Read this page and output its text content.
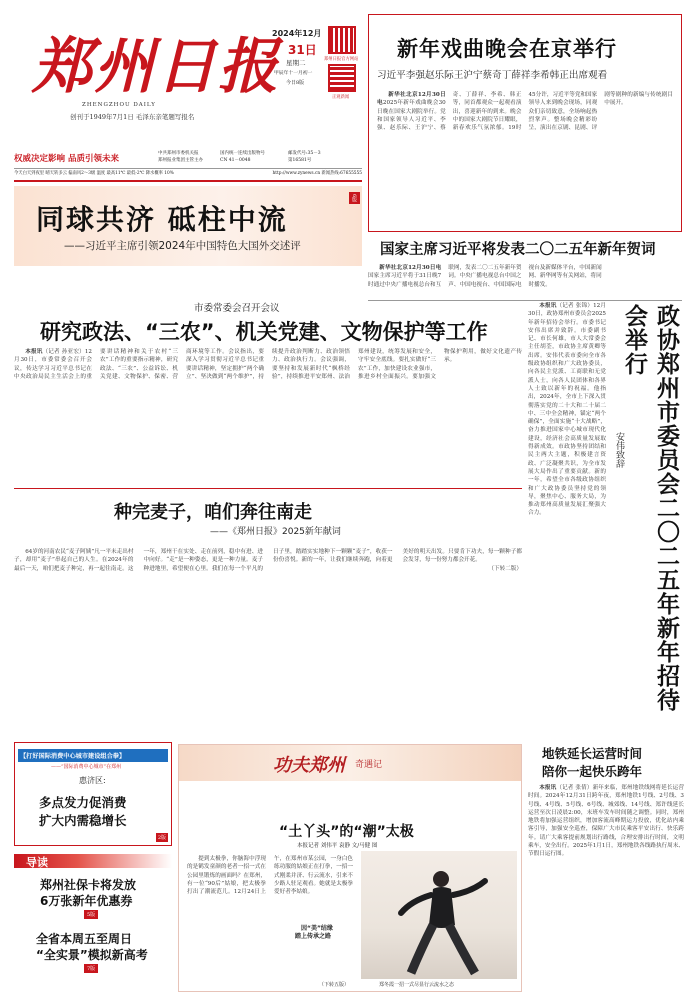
郑州日报
ZHENGZHOU DAILY
创刊于1949年7月1日 毛泽东亲笔题写报名
2024年12月
31日
星期二
甲辰年十一月初一
今日8版
郑州日报官方网站
正观新闻
权威决定影响 品质引领未来
中共郑州市委机关报
郑州报业集团主管主办
国内统一连续出版物号
CN 41－0048
邮发代号:35－3
第16581号
今天白天到夜里 晴天转多云 偏南风2～3级 温度 最高11℃ 最低-2℃ 降水概率 10%	http://www.zynews.cn 新闻热线:67655555
新年戏曲晚会在京举行
习近平李强赵乐际王沪宁蔡奇丁薛祥李希韩正出席观看

新华社北京12月30日电2025年新年戏曲晚会30日晚在国家大剧院举行。党和国家领导人习近平、李强、赵乐际、王沪宁、蔡奇、丁薛祥、李希、韩正等，同首都观众一起观看演出，喜迎新年的到来。晚会中的国家大剧院节日耀眼，新春欢乐气氛浓郁。19时45分许，习近平等党和国家领导人来到晚会现场，同观众们亲切致意，全场响起热烈掌声。整场晚会精彩纷呈，演出在京剧、昆剧、评剧等剧种的新编与传统剧目中展开。

同球共济 砥柱中流
——习近平主席引领2024年中国特色大国外交述评
6版
国家主席习近平将发表二〇二五年新年贺词

新华社北京12月30日电国家主席习近平将于31日晚7时通过中央广播电视总台和互联网，发表二〇二五年新年贺词。中央广播电视总台中国之声、中国电视台、中国国际电视台及新媒体平台，中国新闻网、新华网等有关网站，将同时播发。

市委常委会召开会议
研究政法、“三农”、机关党建、文物保护等工作

本报讯（记者 孙亚宏）12月30日，市委常委会召开会议，传达学习习近平总书记在中央政治局民主生活会上的重要讲话精神和关于农村“三农”工作的重要指示精神，研究政法、“三农”、公益诉讼、机关党建、文物保护、保密、营商环境等工作。会议指出，要深入学习贯彻习近平总书记重要讲话精神，坚定拥护“两个确立”、坚决做到“两个维护”，持续提升政治判断力、政治领悟力、政治执行力。会议强调，要坚持和发展新时代“枫桥经验”，持续推进平安郑州、法治郑州建设，统筹发展和安全，守牢安全底线。要扎实做好“三农”工作，加快建设农业强市，推进乡村全面振兴。要加强文物保护利用，做好文化遗产传承。	政协郑州市委员会二〇二五年新年招待会举行
安伟致辞

本报讯（记者 张锦）12月30日，政协郑州市委员会2025年新年招待会举行。市委书记安伟出席并致辞。市委副书记、市长何雄，市人大常委会主任胡荃，市政协主席黄卿等出席。安伟代表市委向全市各级政协组织和广大政协委员，向各民主党派、工商联和无党派人士，向各人民团体和各界人士致以新年的祝福。他指出，2024年，全市上下深入贯彻落实党的二十大和二十届二中、三中全会精神，锚定“两个确保”，全面实施“十大战略”，奋力推进国家中心城市现代化建设，经济社会高质量发展取得新成效。市政协坚持团结和民主两大主题，积极建言资政、广泛凝聚共识，为全市发展大局作出了重要贡献。新的一年，希望全市各级政协组织和广大政协委员坚持党的领导，聚焦中心、服务大局，为推动郑州高质量发展汇聚强大合力。

种完麦子，咱们奔往南走
——《郑州日报》2025新年献词

64岁的河南农民“麦子阿姨”凡一平未走出村子，却用“麦子”串起自己的人生。在2024年的最后一天，咱们把麦子种完，再一起往南走。这一年，郑州干在实处、走在前列，稳中有进、进中向好。“走”是一种姿态，更是一种力量。麦子种进地里，希望便在心里。我们在每一个平凡的日子里，踏踏实实地种下一颗颗“麦子”，收获一份份喜悦。新的一年，让我们继续奔跑，向着更美好的明天出发。只要肯下功夫，每一颗种子都会发芽，每一份努力都会开花。

（下转二版）

【打好国际消费中心城市建设组合拳】
——“国际消费中心城市”在郑州
惠济区:
多点发力促消费
扩大内需稳增长
2版
导读
郑州社保卡将发放
6万张新年优惠券
5版
全省本周五至周日
“全实景”模拟新高考
7版
功夫郑州 奇遇记
“土丫头”的“潮”太极
本报记者 刘伟平 袁静 文/马健 图

提到太极拳，你脑海中浮现的是鹤发童颜的老者一招一式在公园里锻炼的画面吗？在郑州，有一位“90后”姑娘，把太极拳打出了潮流范儿。12月24日上午，在郑州市某公园，一身白色练功服的姑娘正在打拳，一招一式刚柔并济、行云流水，引来不少路人驻足观看。她就是太极拳爱好者李姑娘。

因“美”结缘
踏上传承之路
（下转五版）	郑冬霞一招一式尽显行云流水之态
地铁延长运营时间
陪你一起快乐跨年

本报讯（记者 张倩）新年来临，郑州地铁线网将延长运营时间。2024年12月31日跨年夜，郑州地铁1号线、2号线、3号线、4号线、5号线、6号线、城郊线、14号线、郑许线延长运营至次日凌晨2:00，末班车发车时间随之调整。同时，郑州地铁将加强运营组织，增加客流高峰期运力投放，优化站内乘客引导，加强安全巡查，保障广大市民乘客平安出行、快乐跨年。请广大乘客提前规划出行路线，合理安排出行时间，文明乘车，安全出行。2025年1月1日，郑州地铁各线路执行周末、节假日运行图。
